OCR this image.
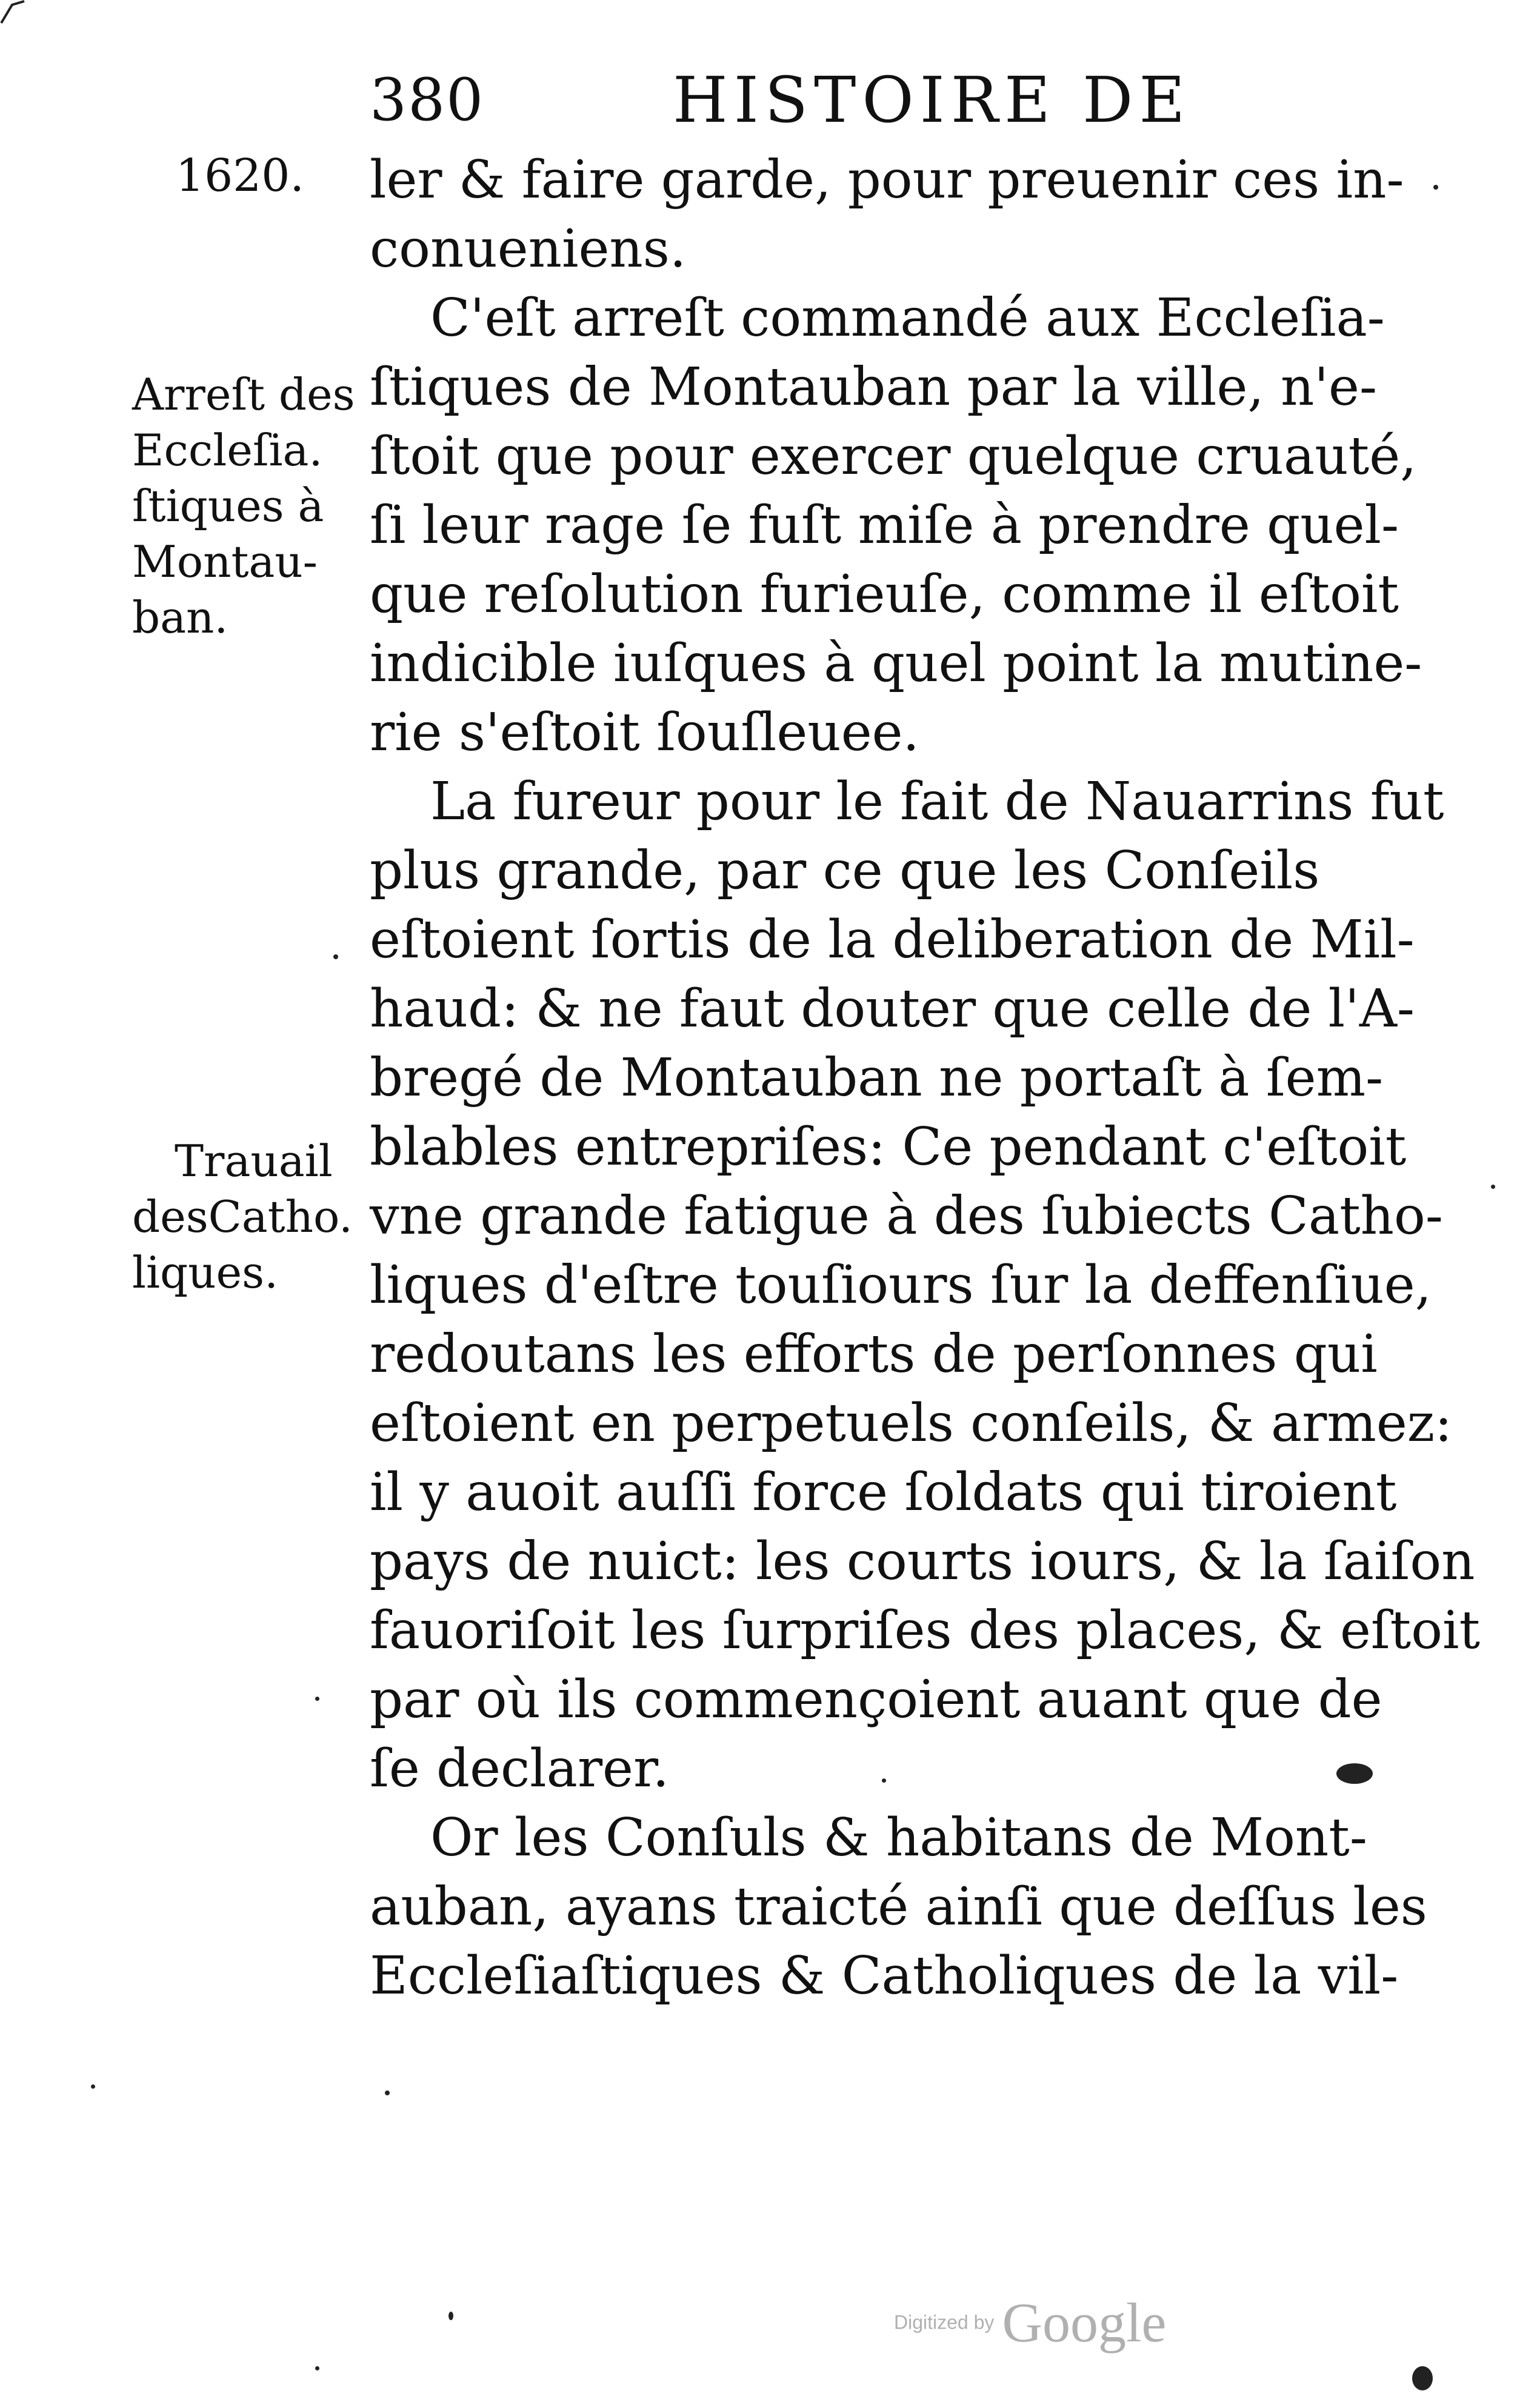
380	HISTOIRE DE
1620.
Arreſt des
Eccleſia.
ſtiques à
Montau-
ban.
Trauail
desCatho.
liques.
ler & faire garde, pour preuenir ces in-
conueniens.
C'eſt arreſt commandé aux Eccleſia-
ſtiques de Montauban par la ville, n'e-
ſtoit que pour exercer quelque cruauté,
ſi leur rage ſe fuſt miſe à prendre quel-
que reſolution furieuſe, comme il eſtoit
indicible iuſques à quel point la mutine-
rie s'eſtoit ſouſleuee.
La fureur pour le fait de Nauarrins fut
plus grande, par ce que les Conſeils
eſtoient ſortis de la deliberation de Mil-
haud: & ne faut douter que celle de l'A-
bregé de Montauban ne portaſt à ſem-
blables entrepriſes: Ce pendant c'eſtoit
vne grande fatigue à des ſubiects Catho-
liques d'eſtre touſiours ſur la deffenſiue,
redoutans les efforts de perſonnes qui
eſtoient en perpetuels conſeils, & armez:
il y auoit auſſi force ſoldats qui tiroient
pays de nuict: les courts iours, & la ſaiſon
fauoriſoit les ſurpriſes des places, & eſtoit
par où ils commençoient auant que de
ſe declarer.
Or les Conſuls & habitans de Mont-
auban, ayans traicté ainſi que deſſus les
Eccleſiaſtiques & Catholiques de la vil-
Digitized by Google
